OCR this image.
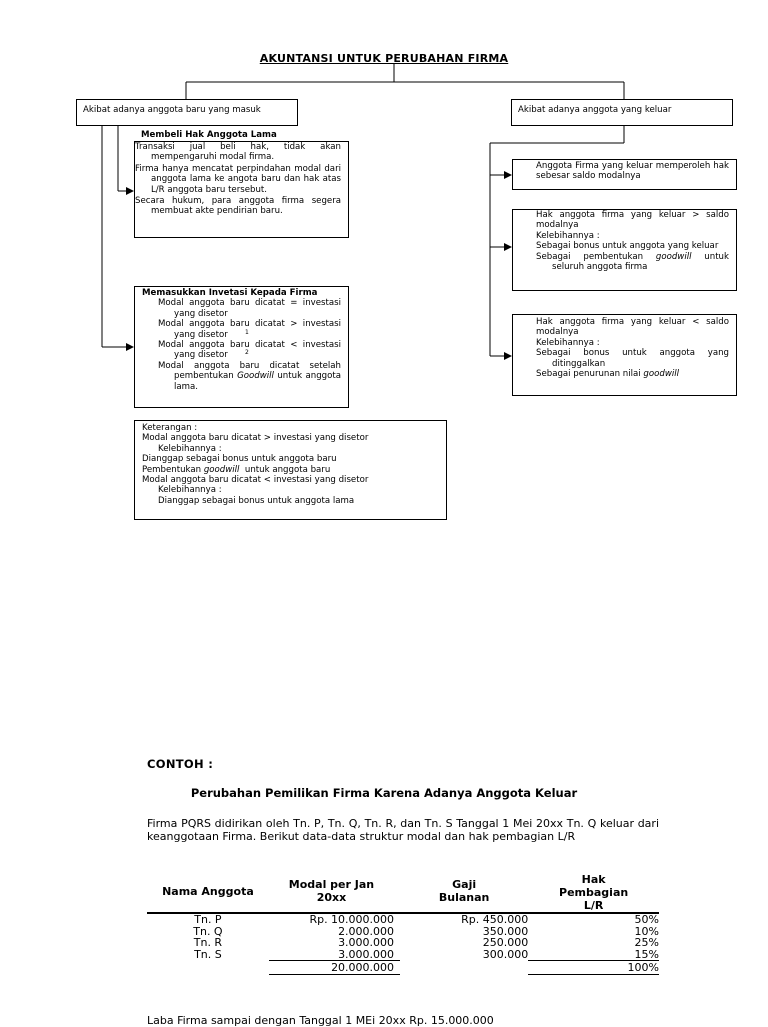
AKUNTANSI UNTUK PERUBAHAN FIRMA
Akibat adanya anggota baru yang masuk	Akibat adanya anggota yang keluar
Membeli Hak Anggota Lama
Transaksi jual beli hak, tidak akan mempengaruhi modal firma.
Firma hanya mencatat perpindahan modal dari anggota lama ke angota baru dan hak atas L/R anggota baru tersebut.
Secara hukum, para anggota firma segera membuat akte pendirian baru.
Memasukkan Invetasi Kepada Firma
Modal anggota baru dicatat = investasi yang disetor
Modal anggota baru dicatat > investasi yang disetor	1
Modal anggota baru dicatat < investasi yang disetor	2
Modal anggota baru dicatat setelah pembentukan Goodwill untuk anggota lama.
Keterangan :
Modal anggota baru dicatat > investasi yang disetor
Kelebihannya :
Dianggap sebagai bonus untuk anggota baru
Pembentukan goodwill  untuk anggota baru
Modal anggota baru dicatat < investasi yang disetor
Kelebihannya :
Dianggap sebagai bonus untuk anggota lama
Anggota Firma yang keluar memperoleh hak sebesar saldo modalnya
Hak anggota firma yang keluar > saldo modalnya
Kelebihannya :
Sebagai bonus untuk anggota yang keluar
Sebagai pembentukan goodwill untuk seluruh anggota firma
Hak anggota firma yang keluar < saldo modalnya
Kelebihannya :
Sebagai bonus untuk anggota yang ditinggalkan
Sebagai penurunan nilai goodwill
CONTOH :
Perubahan Pemilikan Firma Karena Adanya Anggota Keluar
Firma PQRS didirikan oleh Tn. P, Tn. Q, Tn. R, dan Tn. S Tanggal 1 Mei 20xx Tn. Q keluar dari keanggotaan Firma. Berikut data-data struktur modal dan hak pembagian L/R
Nama Anggota	Modal per Jan 20xx	Gaji Bulanan	Hak Pembagian L/R
Tn. P	Rp. 10.000.000	Rp. 450.000	50%
Tn. Q	2.000.000	350.000	10%
Tn. R	3.000.000	250.000	25%
Tn. S	3.000.000	300.000	15%
	20.000.000		100%
Laba Firma sampai dengan Tanggal 1 MEi 20xx Rp. 15.000.000
